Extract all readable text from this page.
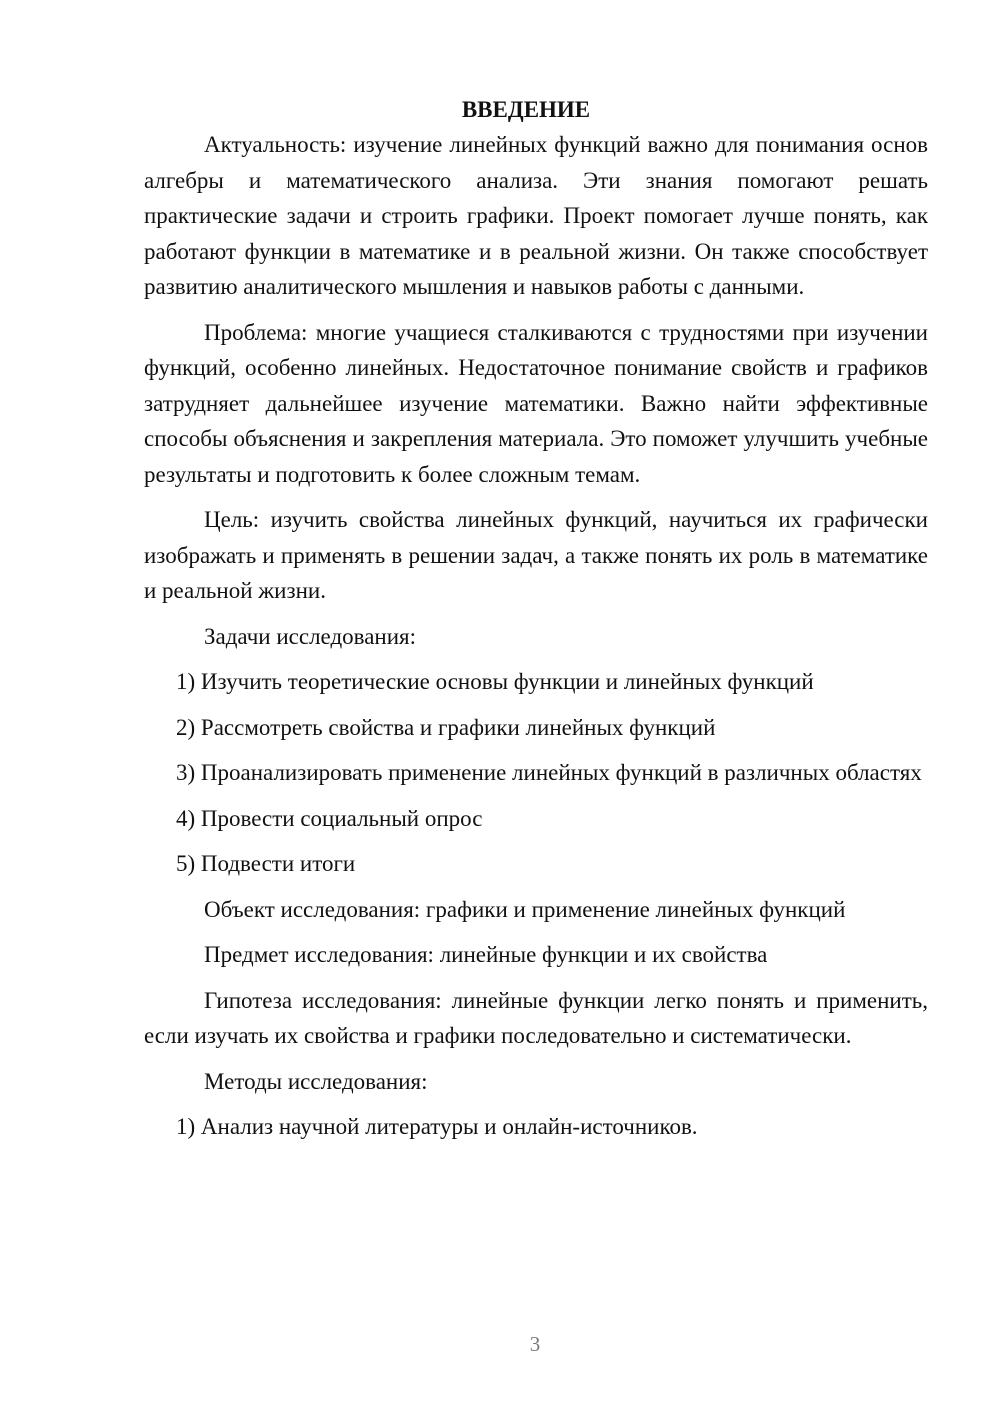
ВВЕДЕНИЕ

Актуальность: изучение линейных функций важно для понимания основ алгебры и математического анализа. Эти знания помогают решать практические задачи и строить графики. Проект помогает лучше понять, как работают функции в математике и в реальной жизни. Он также способствует развитию аналитического мышления и навыков работы с данными.

Проблема: многие учащиеся сталкиваются с трудностями при изучении функций, особенно линейных. Недостаточное понимание свойств и графиков затрудняет дальнейшее изучение математики. Важно найти эффективные способы объяснения и закрепления материала. Это поможет улучшить учебные результаты и подготовить к более сложным темам.

Цель: изучить свойства линейных функций, научиться их графически изображать и применять в решении задач, а также понять их роль в математике и реальной жизни.

Задачи исследования:

1) Изучить теоретические основы функции и линейных функций

2) Рассмотреть свойства и графики линейных функций

3) Проанализировать применение линейных функций в различных областях

4) Провести социальный опрос

5) Подвести итоги

Объект исследования: графики и применение линейных функций

Предмет исследования: линейные функции и их свойства

Гипотеза исследования: линейные функции легко понять и применить, если изучать их свойства и графики последовательно и систематически.

Методы исследования:

1) Анализ научной литературы и онлайн-источников.

3
